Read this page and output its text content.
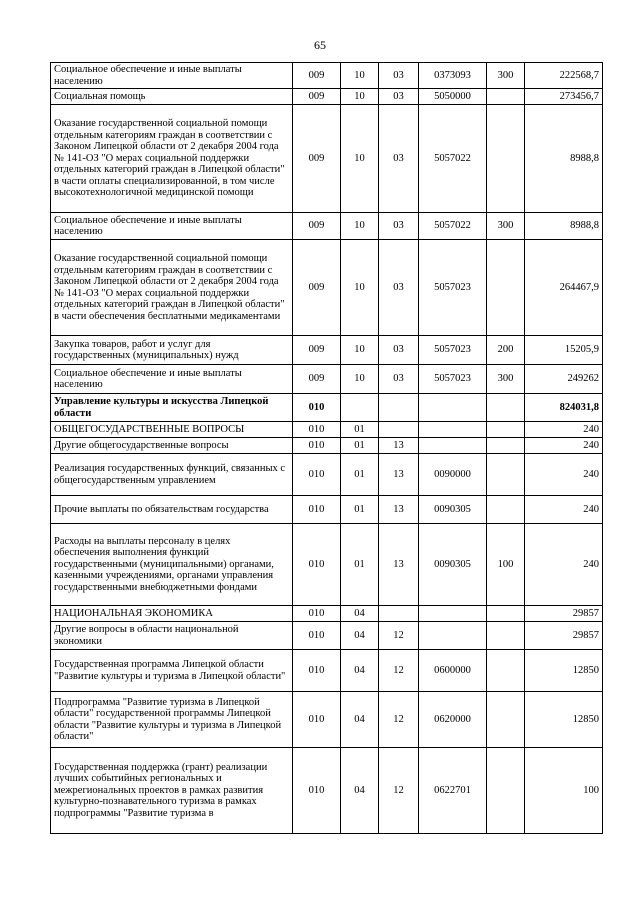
65
Социальное обеспечение и иные выплаты населению	009	10	03	0373093	300	222568,7
Социальная помощь	009	10	03	5050000		273456,7
Оказание государственной социальной помощи отдельным категориям граждан в соответствии с Законом Липецкой области от 2 декабря 2004 года № 141-ОЗ "О мерах социальной поддержки отдельных категорий граждан в Липецкой области" в части оплаты специализированной, в том числе высокотехнологичной медицинской помощи	009	10	03	5057022		8988,8
Социальное обеспечение и иные выплаты населению	009	10	03	5057022	300	8988,8
Оказание государственной социальной помощи отдельным категориям граждан в соответствии с Законом Липецкой области от 2 декабря 2004 года № 141-ОЗ "О мерах социальной поддержки отдельных категорий граждан в Липецкой области" в части обеспечения бесплатными медикаментами	009	10	03	5057023		264467,9
Закупка товаров, работ и услуг для государственных (муниципальных) нужд	009	10	03	5057023	200	15205,9
Социальное обеспечение и иные выплаты населению	009	10	03	5057023	300	249262
Управление культуры и искусства Липецкой области	010					824031,8
ОБЩЕГОСУДАРСТВЕННЫЕ ВОПРОСЫ	010	01				240
Другие общегосударственные вопросы	010	01	13			240
Реализация государственных функций, связанных с общегосударственным управлением	010	01	13	0090000		240
Прочие выплаты по обязательствам государства	010	01	13	0090305		240
Расходы на выплаты персоналу в целях обеспечения выполнения функций государственными (муниципальными) органами, казенными учреждениями, органами управления государственными внебюджетными фондами	010	01	13	0090305	100	240
НАЦИОНАЛЬНАЯ ЭКОНОМИКА	010	04				29857
Другие вопросы в области национальной экономики	010	04	12			29857
Государственная программа Липецкой области "Развитие культуры и туризма в Липецкой области"	010	04	12	0600000		12850
Подпрограмма "Развитие туризма в Липецкой области" государственной программы Липецкой области "Развитие культуры и туризма в Липецкой области"	010	04	12	0620000		12850
Государственная поддержка (грант) реализации лучших событийных региональных и межрегиональных проектов в рамках развития культурно-познавательного туризма в рамках подпрограммы "Развитие туризма в	010	04	12	0622701		100
